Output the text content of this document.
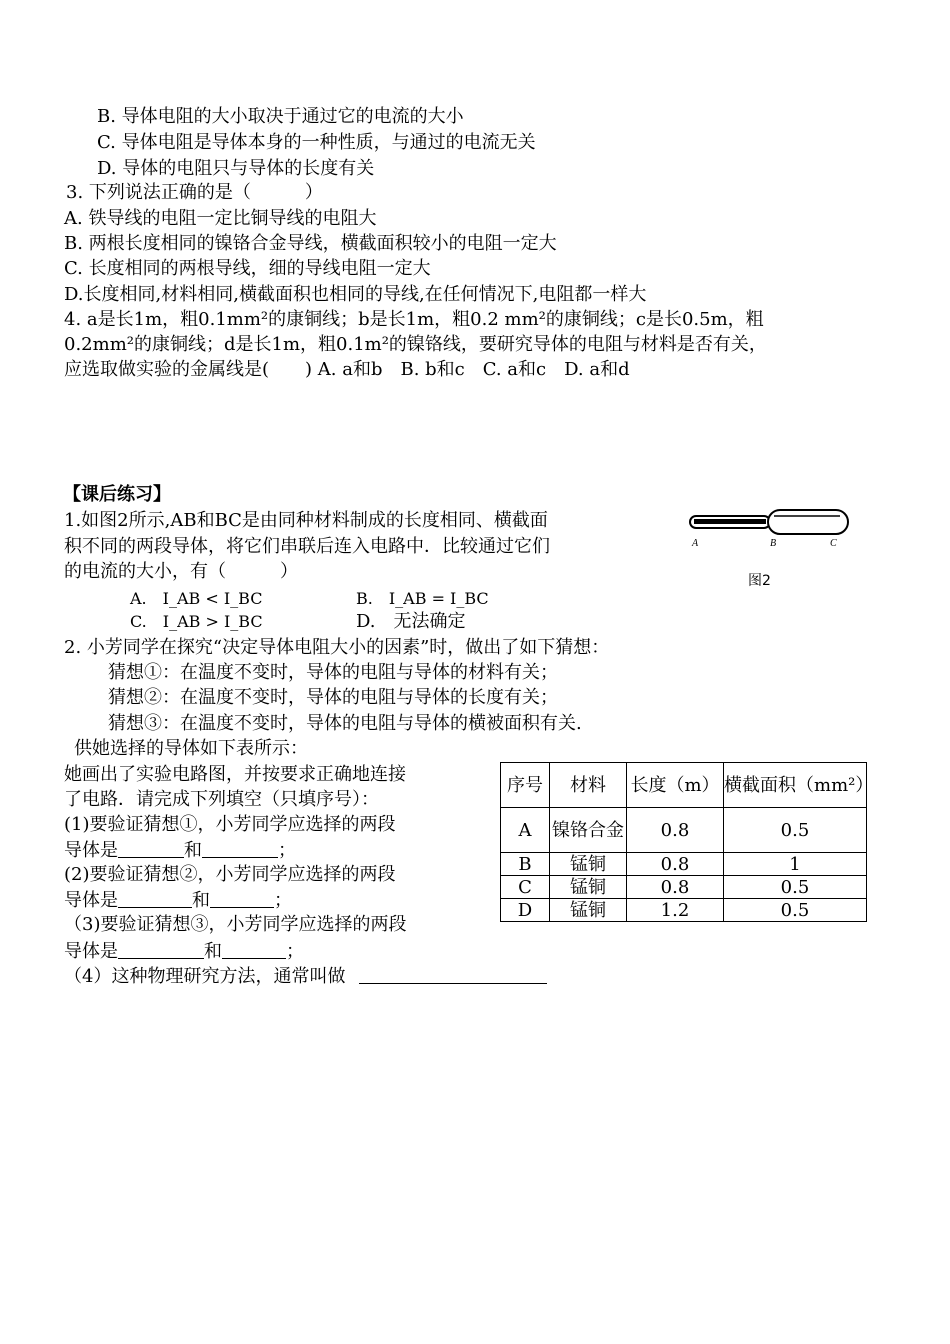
B. 导体电阻的大小取决于通过它的电流的大小
C. 导体电阻是导体本身的一种性质，与通过的电流无关
D. 导体的电阻只与导体的长度有关
3. 下列说法正确的是（　　　）
A. 铁导线的电阻一定比铜导线的电阻大
B. 两根长度相同的镍铬合金导线，横截面积较小的电阻一定大
C. 长度相同的两根导线，细的导线电阻一定大
D.长度相同,材料相同,横截面积也相同的导线,在任何情况下,电阻都一样大
4. a是长1m，粗0.1mm²的康铜线；b是长1m，粗0.2 mm²的康铜线；c是长0.5m，粗
0.2mm²的康铜线；d是长1m，粗0.1m²的镍铬线，要研究导体的电阻与材料是否有关，
应选取做实验的金属线是(　　) A. a和b　B. b和c　C. a和c　D. a和d
【课后练习】
1.如图2所示,AB和BC是由同种材料制成的长度相同、横截面
积不同的两段导体，将它们串联后连入电路中．比较通过它们
的电流的大小，有（　　　）
A.　I_AB < I_BC	B.　I_AB = I_BC
C.　I_AB > I_BC	D.　无法确定
A	B	C
图2
2. 小芳同学在探究“决定导体电阻大小的因素”时，做出了如下猜想：
猜想①：在温度不变时，导体的电阻与导体的材料有关；
猜想②：在温度不变时，导体的电阻与导体的长度有关；
猜想③：在温度不变时，导体的电阻与导体的横被面积有关.
供她选择的导体如下表所示：
她画出了实验电路图，并按要求正确地连接
了电路．请完成下列填空（只填序号）：
(1)要验证猜想①，小芳同学应选择的两段
导体是	和	；
(2)要验证猜想②，小芳同学应选择的两段
导体是	和	；
（3)要验证猜想③，小芳同学应选择的两段
导体是	和	；
（4）这种物理研究方法，通常叫做
序号	材料	长度（m）	横截面积（mm²）
A	镍铬合金	0.8	0.5
B	锰铜	0.8	1
C	锰铜	0.8	0.5
D	锰铜	1.2	0.5
